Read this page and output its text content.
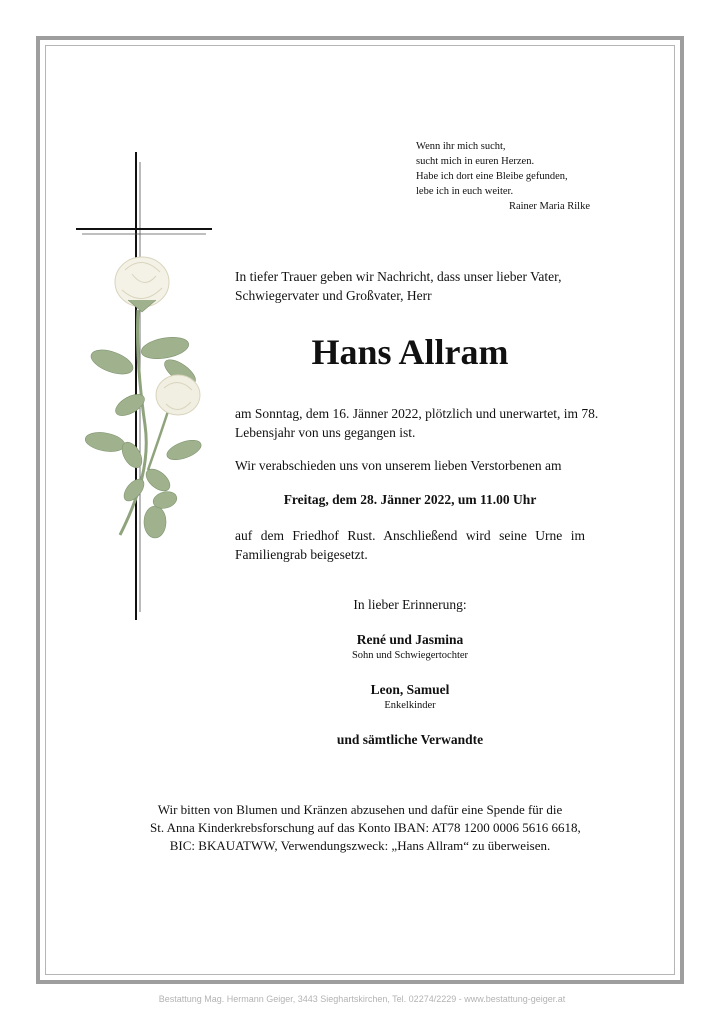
Wenn ihr mich sucht,
sucht mich in euren Herzen.
Habe ich dort eine Bleibe gefunden,
lebe ich in euch weiter.
Rainer Maria Rilke
In tiefer Trauer geben wir Nachricht, dass unser lieber Vater, Schwiegervater und Großvater, Herr
Hans Allram
am Sonntag, dem 16. Jänner 2022, plötzlich und unerwartet, im 78. Lebensjahr von uns gegangen ist.
Wir verabschieden uns von unserem lieben Verstorbenen am
Freitag, dem 28. Jänner 2022, um 11.00 Uhr
auf dem Friedhof Rust. Anschließend wird seine Urne im Familiengrab beigesetzt.
In lieber Erinnerung:
René und Jasmina
Sohn und Schwiegertochter
Leon, Samuel
Enkelkinder
und sämtliche Verwandte
Wir bitten von Blumen und Kränzen abzusehen und dafür eine Spende für die
St. Anna Kinderkrebsforschung auf das Konto IBAN: AT78 1200 0006 5616 6618,
BIC: BKAUATWW, Verwendungszweck: „Hans Allram“ zu überweisen.
Bestattung Mag. Hermann Geiger, 3443 Sieghartskirchen, Tel. 02274/2229 - www.bestattung-geiger.at
